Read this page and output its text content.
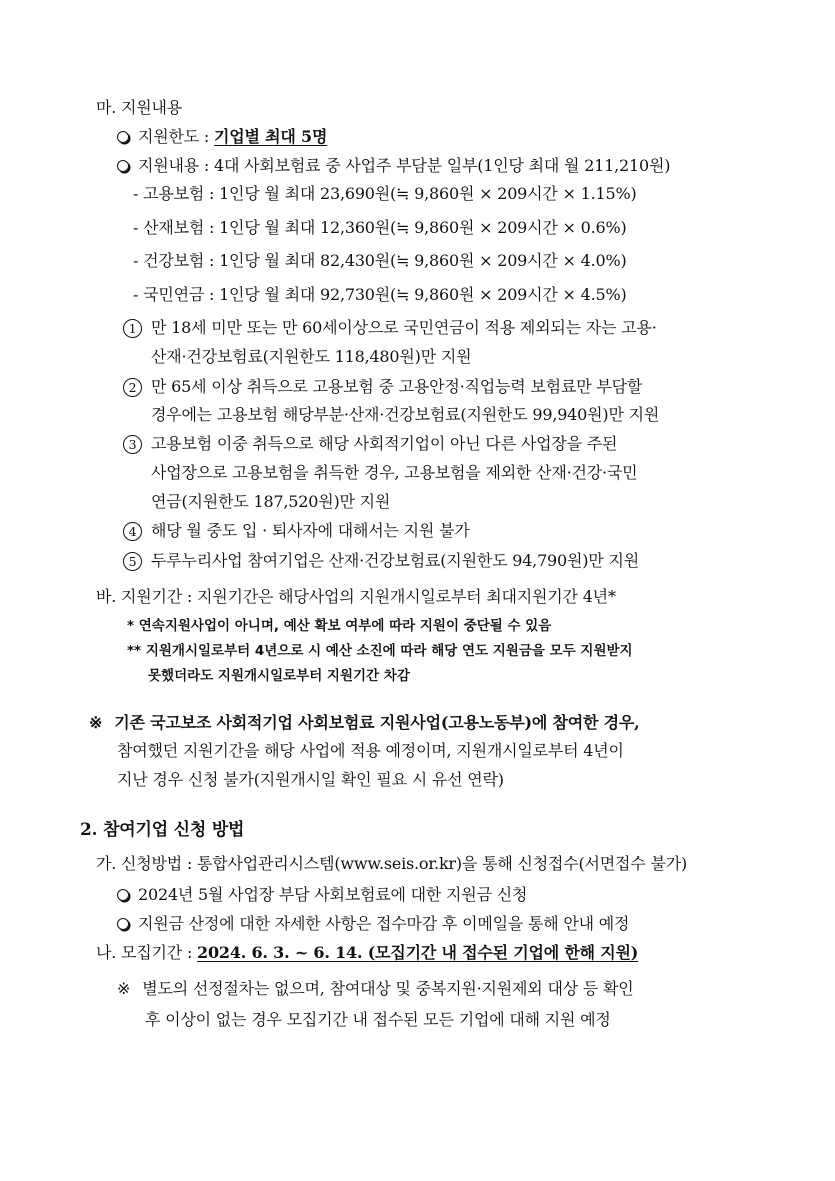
마. 지원내용
지원한도 : 기업별 최대 5명
지원내용 : 4대 사회보험료 중 사업주 부담분 일부(1인당 최대 월 211,210원)
- 고용보험 : 1인당 월 최대 23,690원(≒ 9,860원 × 209시간 × 1.15%)
- 산재보험 : 1인당 월 최대 12,360원(≒ 9,860원 × 209시간 × 0.6%)
- 건강보험 : 1인당 월 최대 82,430원(≒ 9,860원 × 209시간 × 4.0%)
- 국민연금 : 1인당 월 최대 92,730원(≒ 9,860원 × 209시간 × 4.5%)
1 만 18세 미만 또는 만 60세이상으로 국민연금이 적용 제외되는 자는 고용·
산재·건강보험료(지원한도 118,480원)만 지원
2 만 65세 이상 취득으로 고용보험 중 고용안정·직업능력 보험료만 부담할
경우에는 고용보험 해당부분·산재·건강보험료(지원한도 99,940원)만 지원
3 고용보험 이중 취득으로 해당 사회적기업이 아닌 다른 사업장을 주된
사업장으로 고용보험을 취득한 경우, 고용보험을 제외한 산재·건강·국민
연금(지원한도 187,520원)만 지원
4 해당 월 중도 입 · 퇴사자에 대해서는 지원 불가
5 두루누리사업 참여기업은 산재·건강보험료(지원한도 94,790원)만 지원
바. 지원기간 : 지원기간은 해당사업의 지원개시일로부터 최대지원기간 4년*
* 연속지원사업이 아니며, 예산 확보 여부에 따라 지원이 중단될 수 있음
** 지원개시일로부터 4년으로 시 예산 소진에 따라 해당 연도 지원금을 모두 지원받지
못했더라도 지원개시일로부터 지원기간 차감
※ 기존 국고보조 사회적기업 사회보험료 지원사업(고용노동부)에 참여한 경우,
참여했던 지원기간을 해당 사업에 적용 예정이며, 지원개시일로부터 4년이
지난 경우 신청 불가(지원개시일 확인 필요 시 유선 연락)
2. 참여기업 신청 방법
가. 신청방법 : 통합사업관리시스템(www.seis.or.kr)을 통해 신청접수(서면접수 불가)
2024년 5월 사업장 부담 사회보험료에 대한 지원금 신청
지원금 산정에 대한 자세한 사항은 접수마감 후 이메일을 통해 안내 예정
나. 모집기간 : 2024. 6. 3. ~ 6. 14. (모집기간 내 접수된 기업에 한해 지원)
※ 별도의 선정절차는 없으며, 참여대상 및 중복지원·지원제외 대상 등 확인
후 이상이 없는 경우 모집기간 내 접수된 모든 기업에 대해 지원 예정
